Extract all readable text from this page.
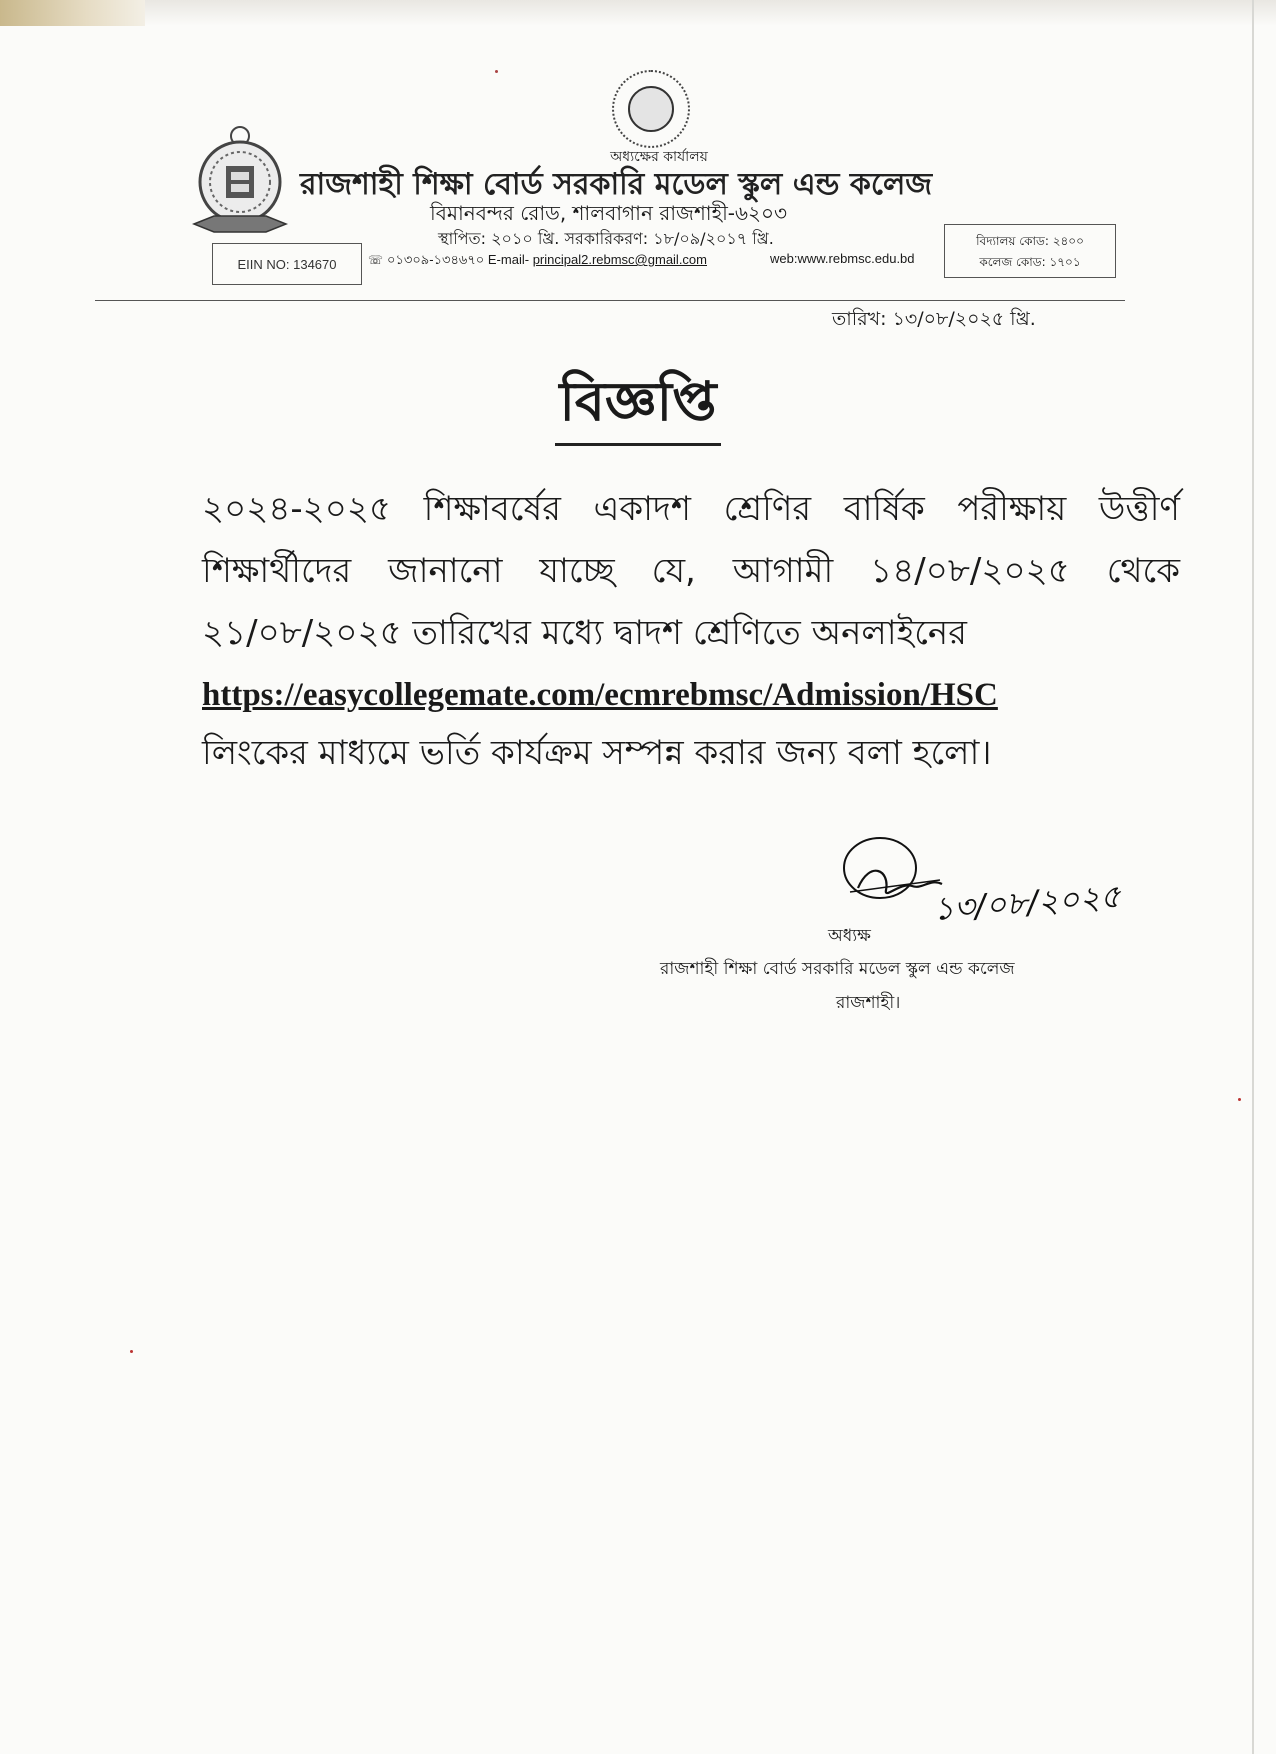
অধ্যক্ষের কার্যালয়
রাজশাহী শিক্ষা বোর্ড সরকারি মডেল স্কুল এন্ড কলেজ
বিমানবন্দর রোড, শালবাগান রাজশাহী-৬২০৩
স্থাপিত: ২০১০ খ্রি. সরকারিকরণ: ১৮/০৯/২০১৭ খ্রি.
EIIN NO: 134670	☏ ০১৩০৯-১৩৪৬৭০ E-mail- principal2.rebmsc@gmail.com	web:www.rebmsc.edu.bd
বিদ্যালয় কোড: ২৪০০
কলেজ কোড: ১৭০১
তারিখ: ১৩/০৮/২০২৫ খ্রি.
বিজ্ঞপ্তি
২০২৪-২০২৫ শিক্ষাবর্ষের একাদশ শ্রেণির বার্ষিক পরীক্ষায় উত্তীর্ণ শিক্ষার্থীদের জানানো যাচ্ছে যে, আগামী ১৪/০৮/২০২৫ থেকে ২১/০৮/২০২৫ তারিখের মধ্যে দ্বাদশ শ্রেণিতে অনলাইনের
https://easycollegemate.com/ecmrebmsc/Admission/HSC
লিংকের মাধ্যমে ভর্তি কার্যক্রম সম্পন্ন করার জন্য বলা হলো।
১৩/০৮/২০২৫
অধ্যক্ষ
রাজশাহী শিক্ষা বোর্ড সরকারি মডেল স্কুল এন্ড কলেজ
রাজশাহী।
